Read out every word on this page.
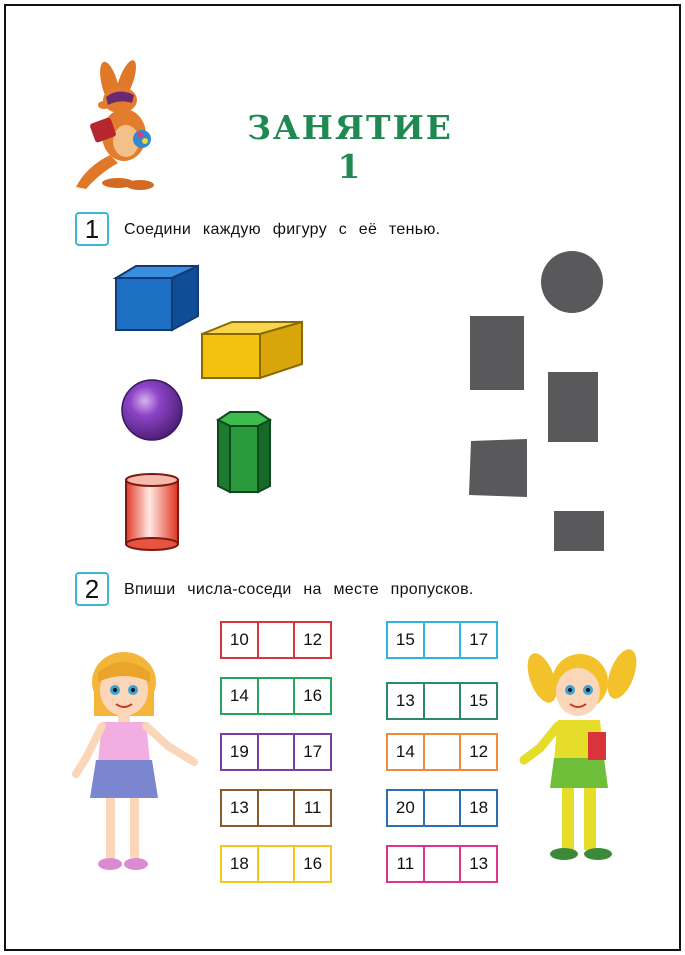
ЗАНЯТИЕ 1
1	Соедини каждую фигуру с её тенью.
2	Впиши числа-соседи на месте пропусков.
10	12
14	16
19	17
13	11
18	16
15	17
13	15
14	12
20	18
11	13
